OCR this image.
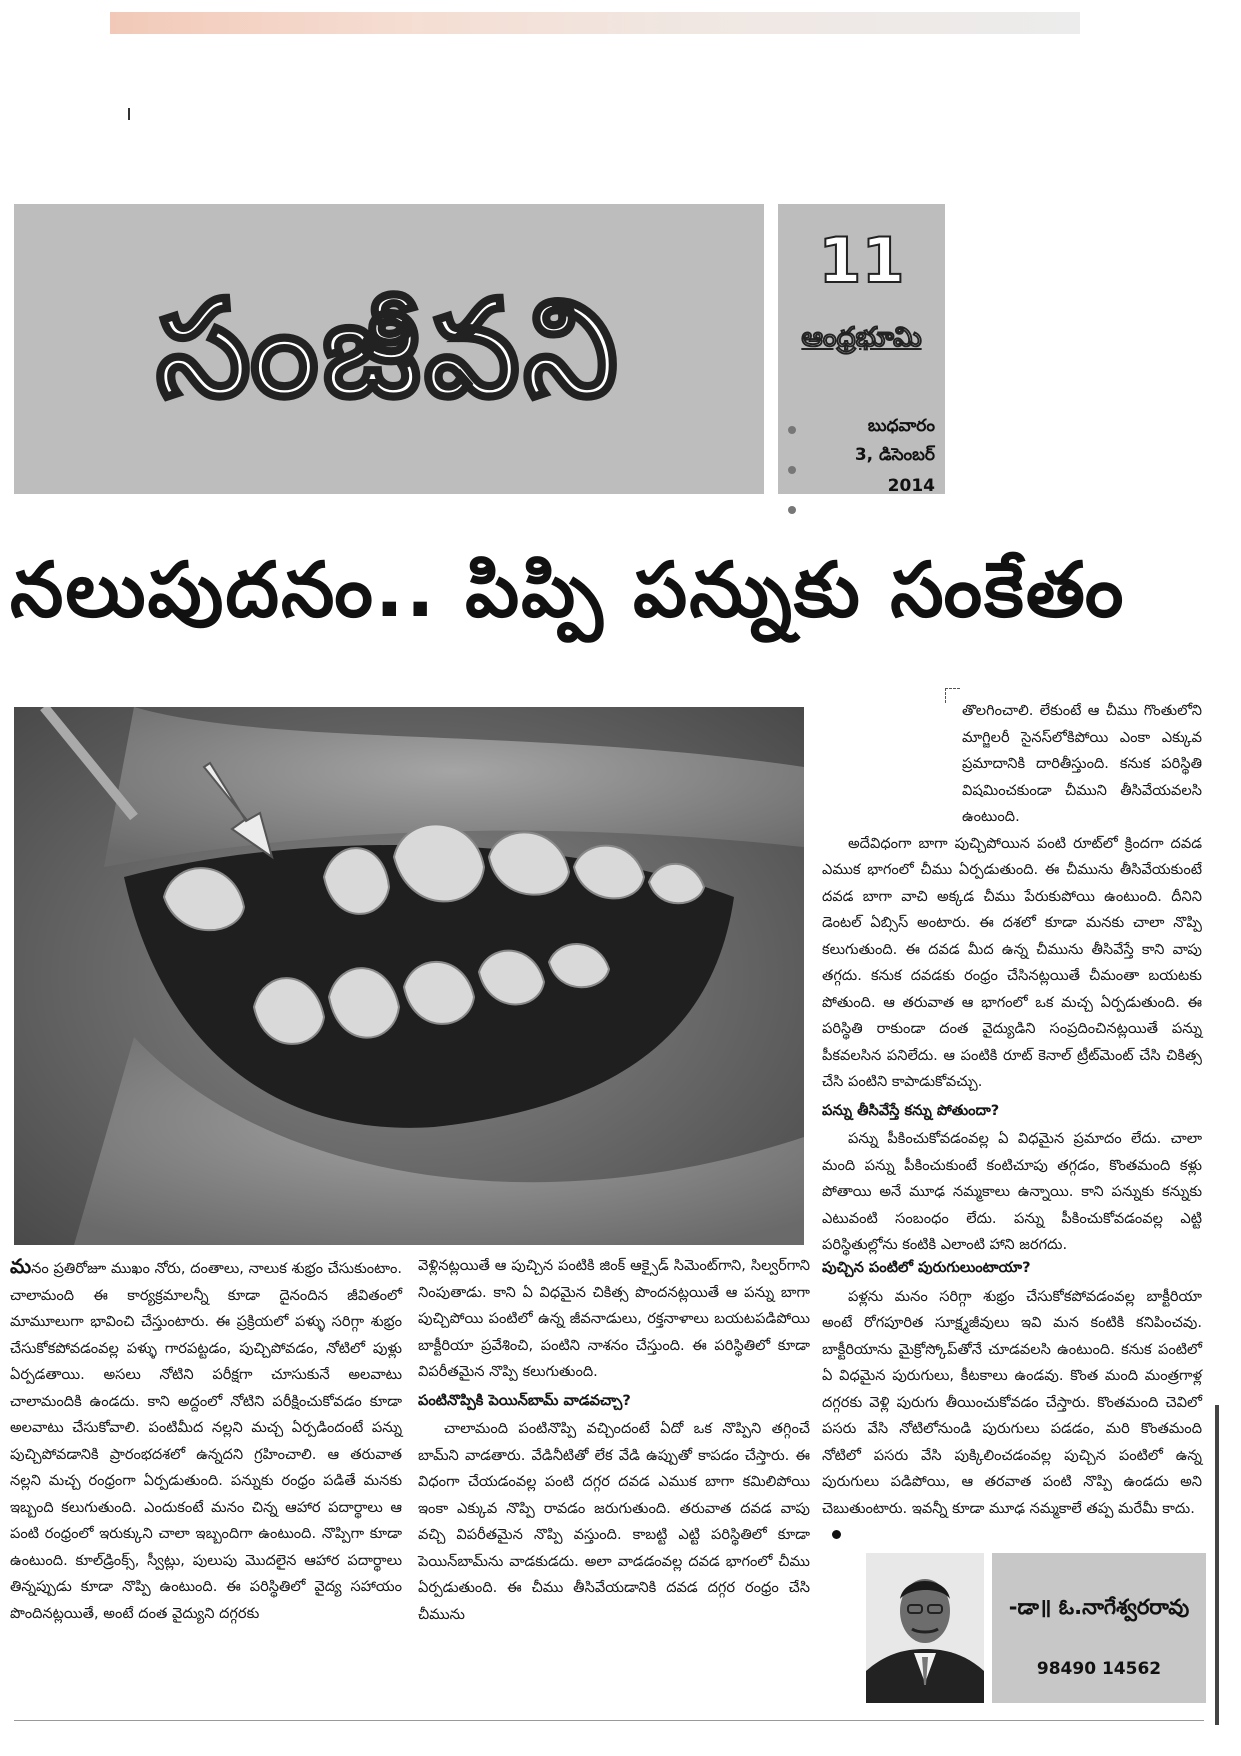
సంజీవని
11
ఆంధ్రభూమి
బుధవారం
3, డిసెంబర్
2014
నలుపుదనం.. పిప్పి పన్నుకు సంకేతం

తొలగించాలి. లేకుంటే ఆ చీము గొంతులోని మాగ్జిలరీ సైనస్‌లోకిపోయి ఎంకా ఎక్కువ ప్రమాదానికి దారితీస్తుంది. కనుక పరిస్థితి విషమించకుండా చీముని తీసివేయవలసి ఉంటుంది.

అదేవిధంగా బాగా పుచ్చిపోయిన పంటి రూట్‌లో క్రిందగా దవడ ఎముక భాగంలో చీము ఏర్పడుతుంది. ఈ చీమును తీసివేయకుంటే దవడ బాగా వాచి అక్కడ చీము పేరుకుపోయి ఉంటుంది. దీనిని డెంటల్ ఏబ్సిస్ అంటారు. ఈ దశలో కూడా మనకు చాలా నొప్పి కలుగుతుంది. ఈ దవడ మీద ఉన్న చీమును తీసివేస్తే కాని వాపు తగ్గదు. కనుక దవడకు రంధ్రం చేసినట్లయితే చీమంతా బయటకు పోతుంది. ఆ తరువాత ఆ భాగంలో ఒక మచ్చ ఏర్పడుతుంది. ఈ పరిస్థితి రాకుండా దంత వైద్యుడిని సంప్రదించినట్లయితే పన్ను పీకవలసిన పనిలేదు. ఆ పంటికి రూట్ కెనాల్ ట్రీట్‌మెంట్ చేసి చికిత్స చేసి పంటిని కాపాడుకోవచ్చు.

పన్ను తీసివేస్తే కన్ను పోతుందా?

పన్ను పీకించుకోవడంవల్ల ఏ విధమైన ప్రమాదం లేదు. చాలా మంది పన్ను పీకించుకుంటే కంటిచూపు తగ్గడం, కొంతమంది కళ్లు పోతాయి అనే మూఢ నమ్మకాలు ఉన్నాయి. కాని పన్నుకు కన్నుకు ఎటువంటి సంబంధం లేదు. పన్ను పీకించుకోవడంవల్ల ఎట్టి పరిస్థితుల్లోను కంటికి ఎలాంటి హాని జరగదు.

మనం ప్రతిరోజూ ముఖం నోరు, దంతాలు, నాలుక శుభ్రం చేసుకుంటాం. చాలామంది ఈ కార్యక్రమాలన్నీ కూడా దైనందిన జీవితంలో మామూలుగా భావించి చేస్తుంటారు. ఈ ప్రక్రియలో పళ్ళు సరిగ్గా శుభ్రం చేసుకోకపోవడంవల్ల పళ్ళు గారపట్టడం, పుచ్చిపోవడం, నోటిలో పుళ్లు ఏర్పడతాయి. అసలు నోటిని పరీక్షగా చూసుకునే అలవాటు చాలామందికి ఉండదు. కాని అద్దంలో నోటిని పరీక్షించుకోవడం కూడా అలవాటు చేసుకోవాలి. పంటిమీద నల్లని మచ్చ ఏర్పడిందంటే పన్ను పుచ్చిపోవడానికి ప్రారంభదశలో ఉన్నదని గ్రహించాలి. ఆ తరువాత నల్లని మచ్చ రంధ్రంగా ఏర్పడుతుంది. పన్నుకు రంధ్రం పడితే మనకు ఇబ్బంది కలుగుతుంది. ఎందుకంటే మనం చిన్న ఆహార పదార్థాలు ఆ పంటి రంధ్రంలో ఇరుక్కుని చాలా ఇబ్బందిగా ఉంటుంది. నొప్పిగా కూడా ఉంటుంది. కూల్‌డ్రింక్స్, స్వీట్లు, పులుపు మొదలైన ఆహార పదార్థాలు తిన్నప్పుడు కూడా నొప్పి ఉంటుంది. ఈ పరిస్థితిలో వైద్య సహాయం పొందినట్లయితే, అంటే దంత వైద్యుని దగ్గరకు

వెళ్లినట్లయితే ఆ పుచ్చిన పంటికి జింక్ ఆక్సైడ్ సిమెంట్‌గాని, సిల్వర్‌గాని నింపుతాడు. కాని ఏ విధమైన చికిత్స పొందనట్లయితే ఆ పన్ను బాగా పుచ్చిపోయి పంటిలో ఉన్న జీవనాడులు, రక్తనాళాలు బయటపడిపోయి బాక్టీరియా ప్రవేశించి, పంటిని నాశనం చేస్తుంది. ఈ పరిస్థితిలో కూడా విపరీతమైన నొప్పి కలుగుతుంది.

పంటినొప్పికి పెయిన్‌బామ్ వాడవచ్చా?

చాలామంది పంటినొప్పి వచ్చిందంటే ఏదో ఒక నొప్పిని తగ్గించే బామ్‌ని వాడతారు. వేడినీటితో లేక వేడి ఉప్పుతో కాపడం చేస్తారు. ఈ విధంగా చేయడంవల్ల పంటి దగ్గర దవడ ఎముక బాగా కమిలిపోయి ఇంకా ఎక్కువ నొప్పి రావడం జరుగుతుంది. తరువాత దవడ వాపు వచ్చి విపరీతమైన నొప్పి వస్తుంది. కాబట్టి ఎట్టి పరిస్థితిలో కూడా పెయిన్‌బామ్‌ను వాడకుడదు. అలా వాడడంవల్ల దవడ భాగంలో చీము ఏర్పడుతుంది. ఈ చీము తీసివేయడానికి దవడ దగ్గర రంధ్రం చేసి చీమును

పుచ్చిన పంటిలో పురుగులుంటాయా?

పళ్లను మనం సరిగ్గా శుభ్రం చేసుకోకపోవడంవల్ల బాక్టీరియా అంటే రోగపూరిత సూక్ష్మజీవులు ఇవి మన కంటికి కనిపించవు. బాక్టీరియాను మైక్రోస్కోప్‌తోనే చూడవలసి ఉంటుంది. కనుక పంటిలో ఏ విధమైన పురుగులు, కీటకాలు ఉండవు. కొంత మంది మంత్రగాళ్ల దగ్గరకు వెళ్లి పురుగు తీయించుకోవడం చేస్తారు. కొంతమంది చెవిలో పసరు వేసి నోటిలోనుండి పురుగులు పడడం, మరి కొంతమంది నోటిలో పసరు వేసి పుక్కిలించడంవల్ల పుచ్చిన పంటిలో ఉన్న పురుగులు పడిపోయి, ఆ తరవాత పంటి నొప్పి ఉండదు అని చెబుతుంటారు. ఇవన్నీ కూడా మూఢ నమ్మకాలే తప్ప మరేమీ కాదు.

-డా॥ ఓ.నాగేశ్వరరావు
98490 14562
